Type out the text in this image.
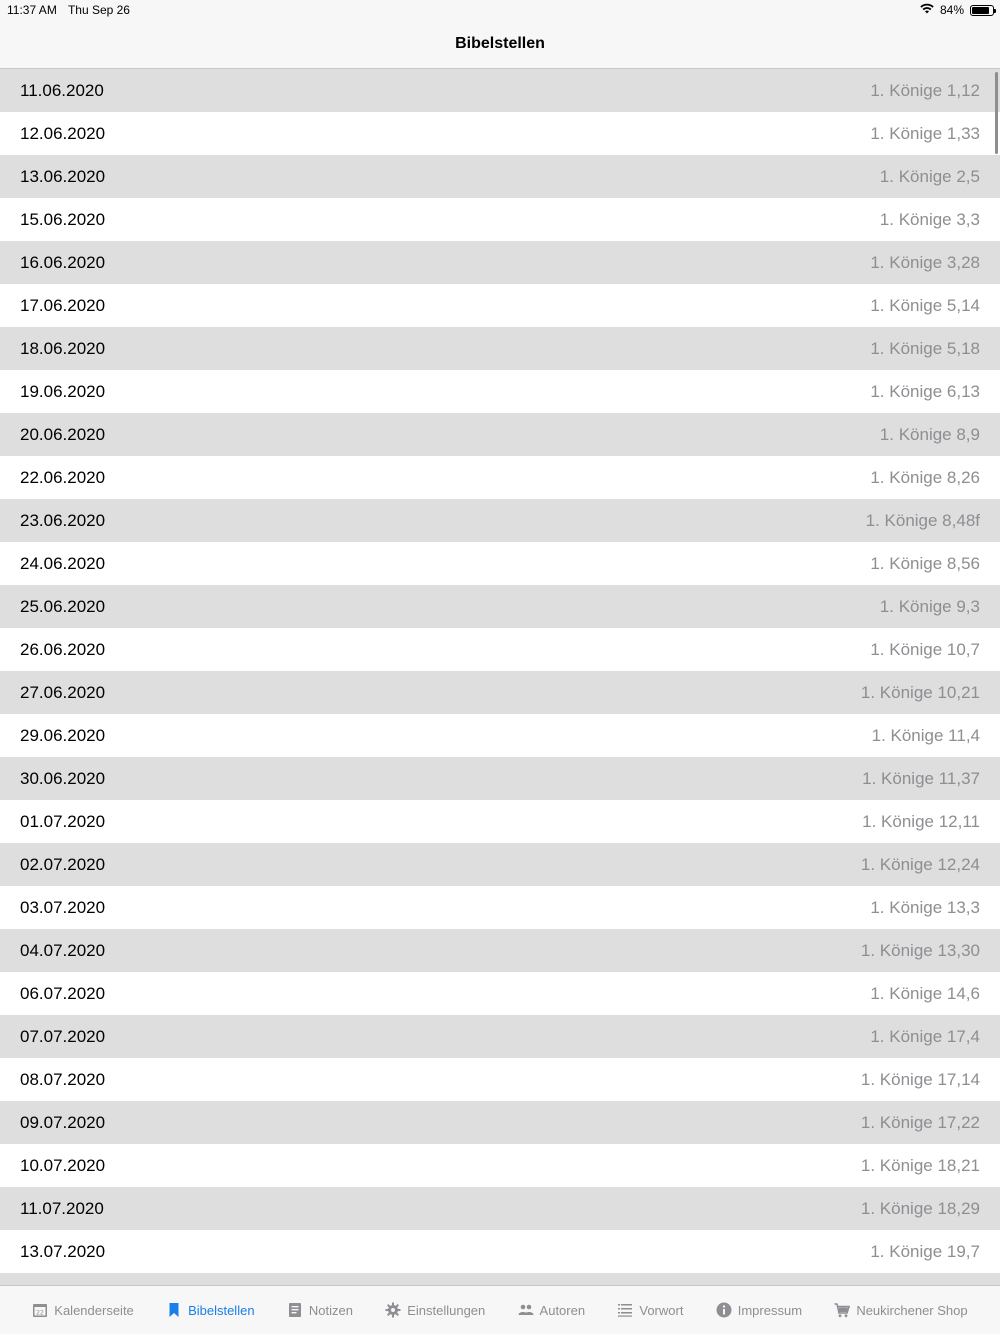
11:37 AM Thu Sep 26	84%
Bibelstellen
11.06.2020	1. Könige 1,12
12.06.2020	1. Könige 1,33
13.06.2020	1. Könige 2,5
15.06.2020	1. Könige 3,3
16.06.2020	1. Könige 3,28
17.06.2020	1. Könige 5,14
18.06.2020	1. Könige 5,18
19.06.2020	1. Könige 6,13
20.06.2020	1. Könige 8,9
22.06.2020	1. Könige 8,26
23.06.2020	1. Könige 8,48f
24.06.2020	1. Könige 8,56
25.06.2020	1. Könige 9,3
26.06.2020	1. Könige 10,7
27.06.2020	1. Könige 10,21
29.06.2020	1. Könige 11,4
30.06.2020	1. Könige 11,37
01.07.2020	1. Könige 12,11
02.07.2020	1. Könige 12,24
03.07.2020	1. Könige 13,3
04.07.2020	1. Könige 13,30
06.07.2020	1. Könige 14,6
07.07.2020	1. Könige 17,4
08.07.2020	1. Könige 17,14
09.07.2020	1. Könige 17,22
10.07.2020	1. Könige 18,21
11.07.2020	1. Könige 18,29
13.07.2020	1. Könige 19,7
22 Kalenderseite	Bibelstellen	Notizen	Einstellungen	Autoren	Vorwort	Impressum	Neukirchener Shop
